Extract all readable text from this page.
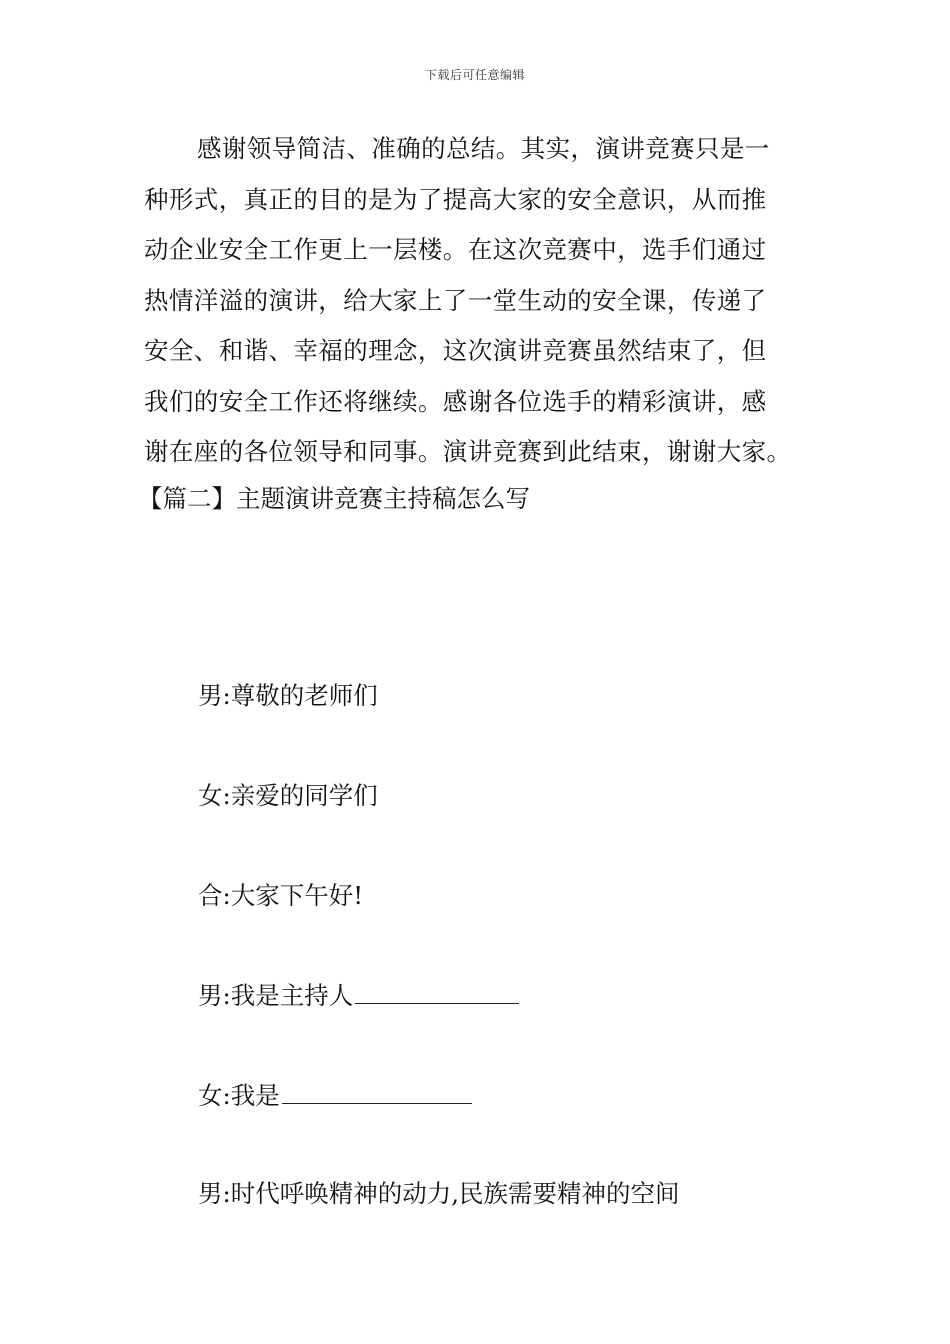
下载后可任意编辑
感谢领导简洁、准确的总结。其实，演讲竞赛只是一
种形式，真正的目的是为了提高大家的安全意识，从而推
动企业安全工作更上一层楼。在这次竞赛中，选手们通过
热情洋溢的演讲，给大家上了一堂生动的安全课，传递了
安全、和谐、幸福的理念，这次演讲竞赛虽然结束了，但
我们的安全工作还将继续。感谢各位选手的精彩演讲，感
谢在座的各位领导和同事。演讲竞赛到此结束，谢谢大家。
【篇二】主题演讲竞赛主持稿怎么写
男:尊敬的老师们
女:亲爱的同学们
合:大家下午好!
男:我是主持人
女:我是
男:时代呼唤精神的动力,民族需要精神的空间
